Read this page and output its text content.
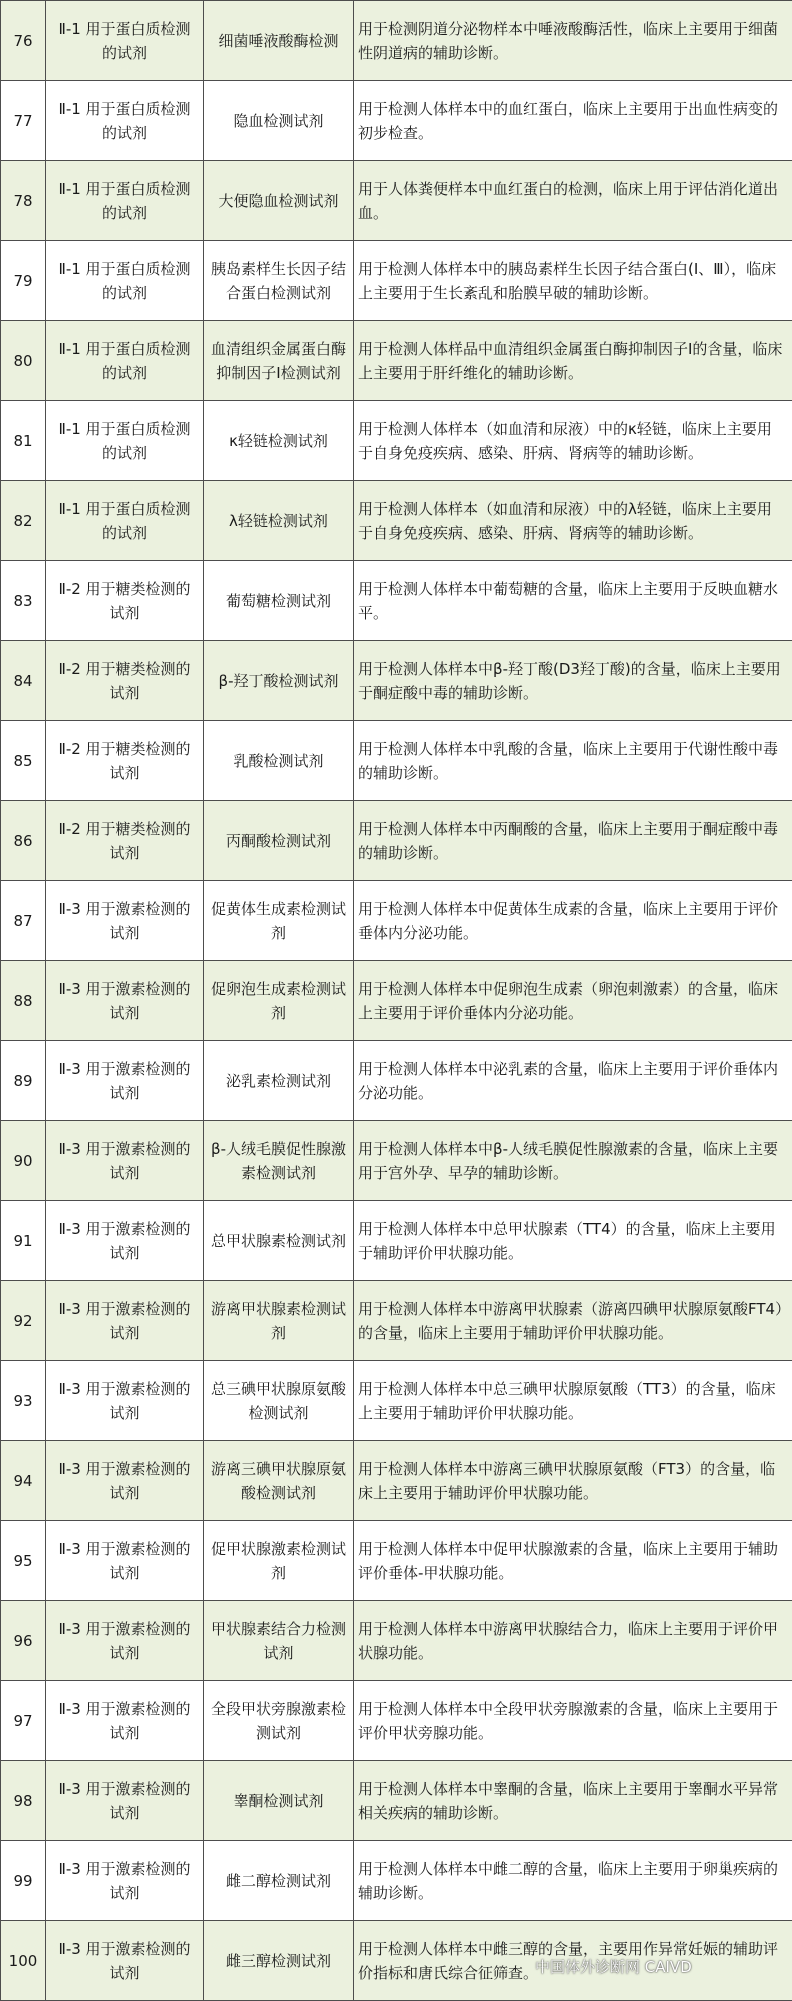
76	Ⅱ-1 用于蛋白质检测的试剂	细菌唾液酸酶检测	用于检测阴道分泌物样本中唾液酸酶活性，临床上主要用于细菌性阴道病的辅助诊断。
77	Ⅱ-1 用于蛋白质检测的试剂	隐血检测试剂	用于检测人体样本中的血红蛋白，临床上主要用于出血性病变的初步检查。
78	Ⅱ-1 用于蛋白质检测的试剂	大便隐血检测试剂	用于人体粪便样本中血红蛋白的检测，临床上用于评估消化道出血。
79	Ⅱ-1 用于蛋白质检测的试剂	胰岛素样生长因子结合蛋白检测试剂	用于检测人体样本中的胰岛素样生长因子结合蛋白(Ⅰ、Ⅲ），临床上主要用于生长紊乱和胎膜早破的辅助诊断。
80	Ⅱ-1 用于蛋白质检测的试剂	血清组织金属蛋白酶抑制因子I检测试剂	用于检测人体样品中血清组织金属蛋白酶抑制因子I的含量，临床上主要用于肝纤维化的辅助诊断。
81	Ⅱ-1 用于蛋白质检测的试剂	κ轻链检测试剂	用于检测人体样本（如血清和尿液）中的κ轻链，临床上主要用于自身免疫疾病、感染、肝病、肾病等的辅助诊断。
82	Ⅱ-1 用于蛋白质检测的试剂	λ轻链检测试剂	用于检测人体样本（如血清和尿液）中的λ轻链，临床上主要用于自身免疫疾病、感染、肝病、肾病等的辅助诊断。
83	Ⅱ-2 用于糖类检测的试剂	葡萄糖检测试剂	用于检测人体样本中葡萄糖的含量，临床上主要用于反映血糖水平。
84	Ⅱ-2 用于糖类检测的试剂	β-羟丁酸检测试剂	用于检测人体样本中β-羟丁酸(D3羟丁酸)的含量，临床上主要用于酮症酸中毒的辅助诊断。
85	Ⅱ-2 用于糖类检测的试剂	乳酸检测试剂	用于检测人体样本中乳酸的含量，临床上主要用于代谢性酸中毒的辅助诊断。
86	Ⅱ-2 用于糖类检测的试剂	丙酮酸检测试剂	用于检测人体样本中丙酮酸的含量，临床上主要用于酮症酸中毒的辅助诊断。
87	Ⅱ-3 用于激素检测的试剂	促黄体生成素检测试剂	用于检测人体样本中促黄体生成素的含量，临床上主要用于评价垂体内分泌功能。
88	Ⅱ-3 用于激素检测的试剂	促卵泡生成素检测试剂	用于检测人体样本中促卵泡生成素（卵泡刺激素）的含量，临床上主要用于评价垂体内分泌功能。
89	Ⅱ-3 用于激素检测的试剂	泌乳素检测试剂	用于检测人体样本中泌乳素的含量，临床上主要用于评价垂体内分泌功能。
90	Ⅱ-3 用于激素检测的试剂	β-人绒毛膜促性腺激素检测试剂	用于检测人体样本中β-人绒毛膜促性腺激素的含量，临床上主要用于宫外孕、早孕的辅助诊断。
91	Ⅱ-3 用于激素检测的试剂	总甲状腺素检测试剂	用于检测人体样本中总甲状腺素（TT4）的含量，临床上主要用于辅助评价甲状腺功能。
92	Ⅱ-3 用于激素检测的试剂	游离甲状腺素检测试剂	用于检测人体样本中游离甲状腺素（游离四碘甲状腺原氨酸FT4）的含量，临床上主要用于辅助评价甲状腺功能。
93	Ⅱ-3 用于激素检测的试剂	总三碘甲状腺原氨酸检测试剂	用于检测人体样本中总三碘甲状腺原氨酸（TT3）的含量，临床上主要用于辅助评价甲状腺功能。
94	Ⅱ-3 用于激素检测的试剂	游离三碘甲状腺原氨酸检测试剂	用于检测人体样本中游离三碘甲状腺原氨酸（FT3）的含量，临床上主要用于辅助评价甲状腺功能。
95	Ⅱ-3 用于激素检测的试剂	促甲状腺激素检测试剂	用于检测人体样本中促甲状腺激素的含量，临床上主要用于辅助评价垂体-甲状腺功能。
96	Ⅱ-3 用于激素检测的试剂	甲状腺素结合力检测试剂	用于检测人体样本中游离甲状腺结合力，临床上主要用于评价甲状腺功能。
97	Ⅱ-3 用于激素检测的试剂	全段甲状旁腺激素检测试剂	用于检测人体样本中全段甲状旁腺激素的含量，临床上主要用于评价甲状旁腺功能。
98	Ⅱ-3 用于激素检测的试剂	睾酮检测试剂	用于检测人体样本中睾酮的含量，临床上主要用于睾酮水平异常相关疾病的辅助诊断。
99	Ⅱ-3 用于激素检测的试剂	雌二醇检测试剂	用于检测人体样本中雌二醇的含量，临床上主要用于卵巢疾病的辅助诊断。
100	Ⅱ-3 用于激素检测的试剂	雌三醇检测试剂	用于检测人体样本中雌三醇的含量，主要用作异常妊娠的辅助评价指标和唐氏综合征筛查。
中国体外诊断网 CAIVD
